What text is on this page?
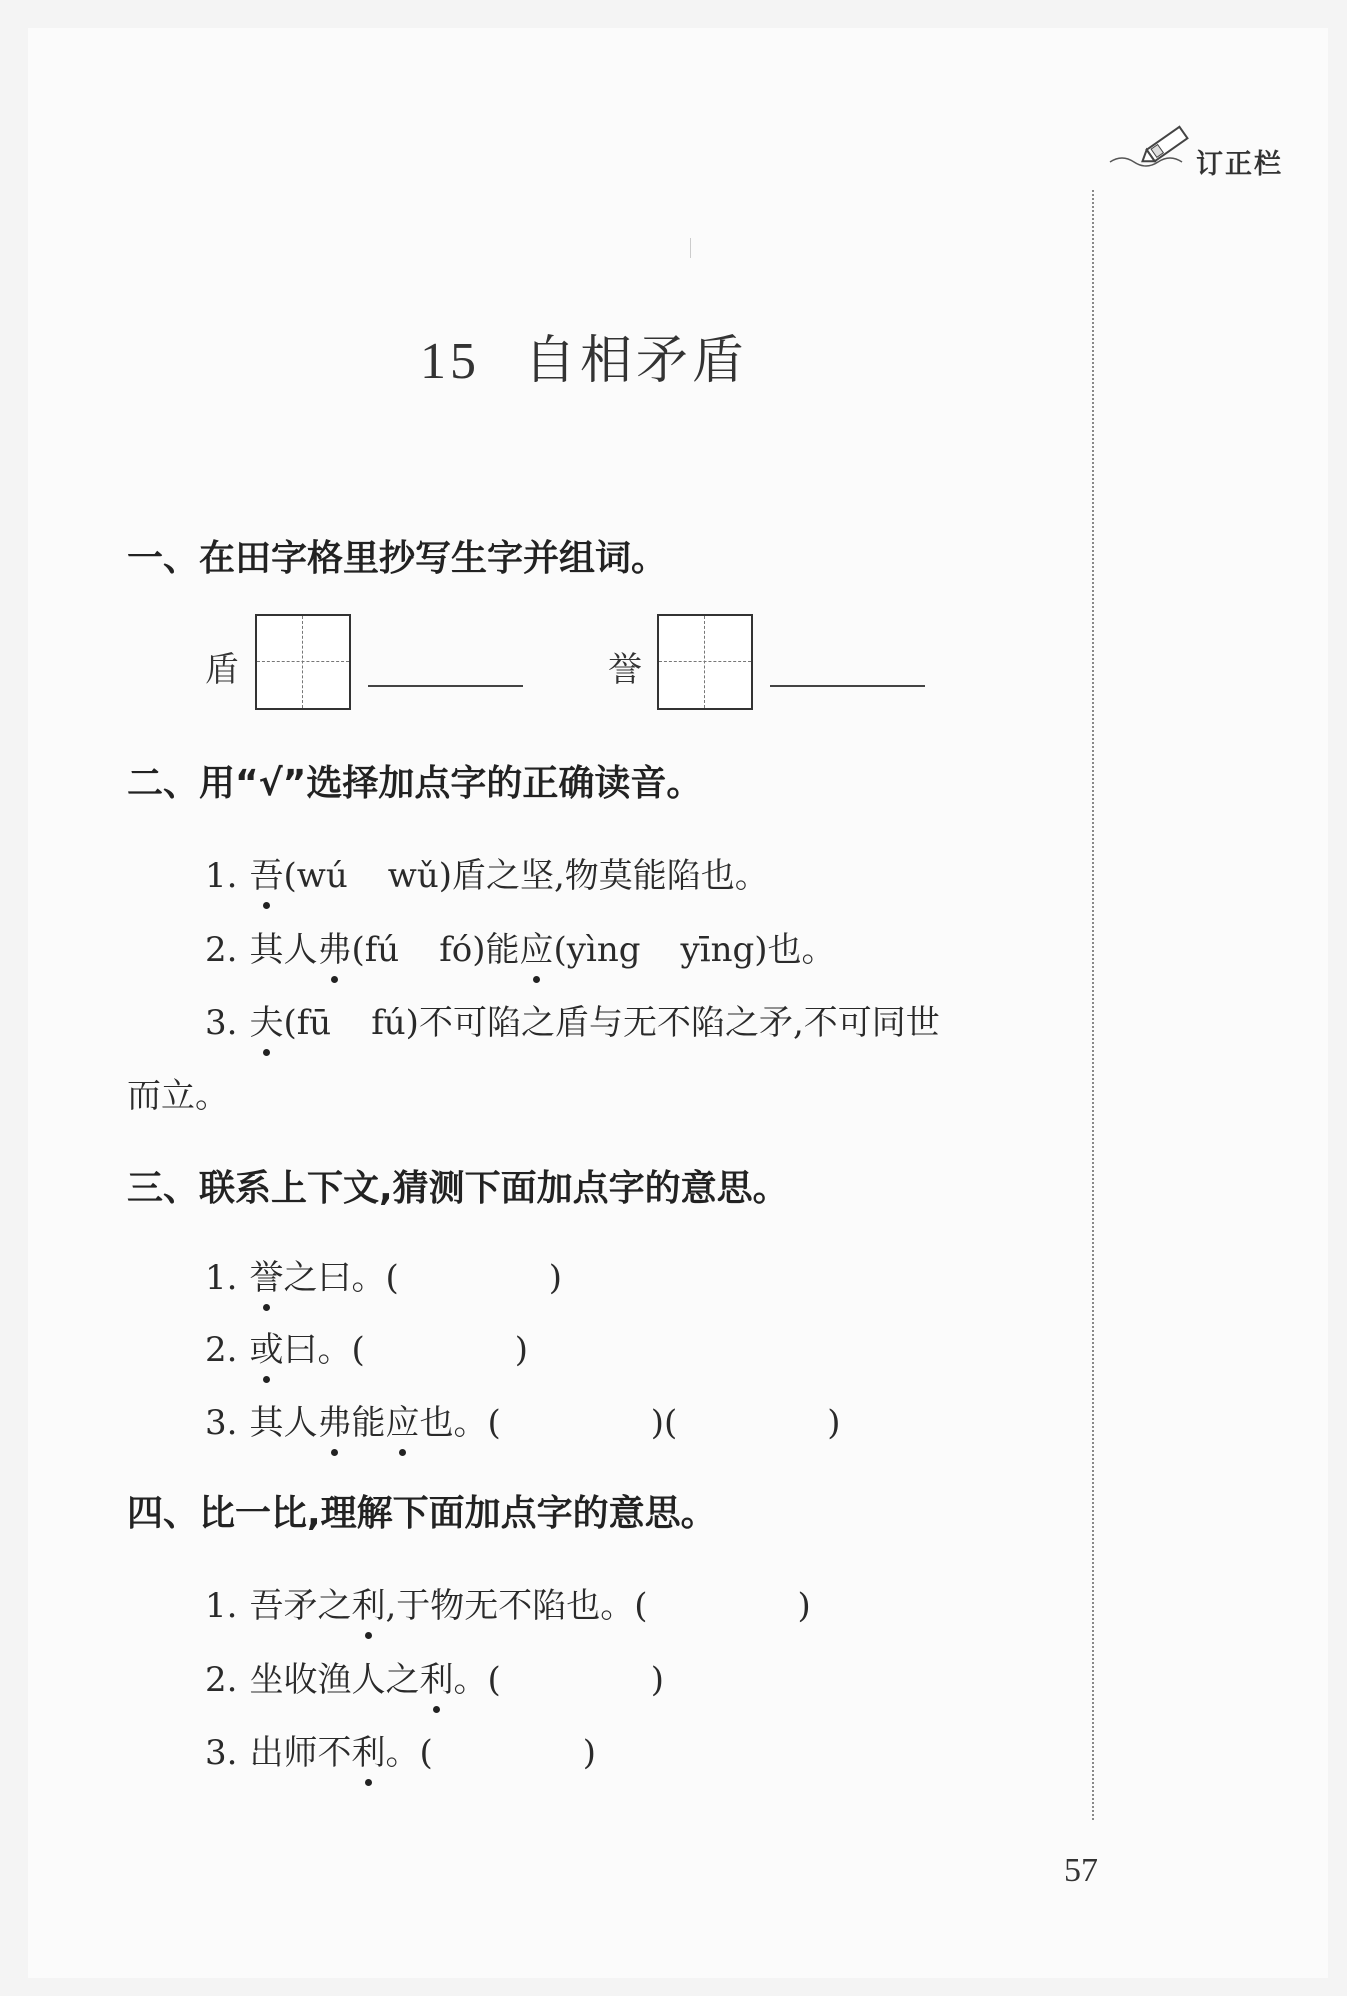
订正栏
15 自相矛盾
一、在田字格里抄写生字并组词。
盾	誉
二、用“√”选择加点字的正确读音。
1. 吾(wú wǔ)盾之坚,物莫能陷也。
2. 其人弗(fú fó)能应(yìng yīng)也。
3. 夫(fū fú)不可陷之盾与无不陷之矛,不可同世
而立。
三、联系上下文,猜测下面加点字的意思。
1. 誉之曰。(	)
2. 或曰。(	)
3. 其人弗能应也。(	)(	)
四、比一比,理解下面加点字的意思。
1. 吾矛之利,于物无不陷也。(	)
2. 坐收渔人之利。(	)
3. 出师不利。(	)
57
